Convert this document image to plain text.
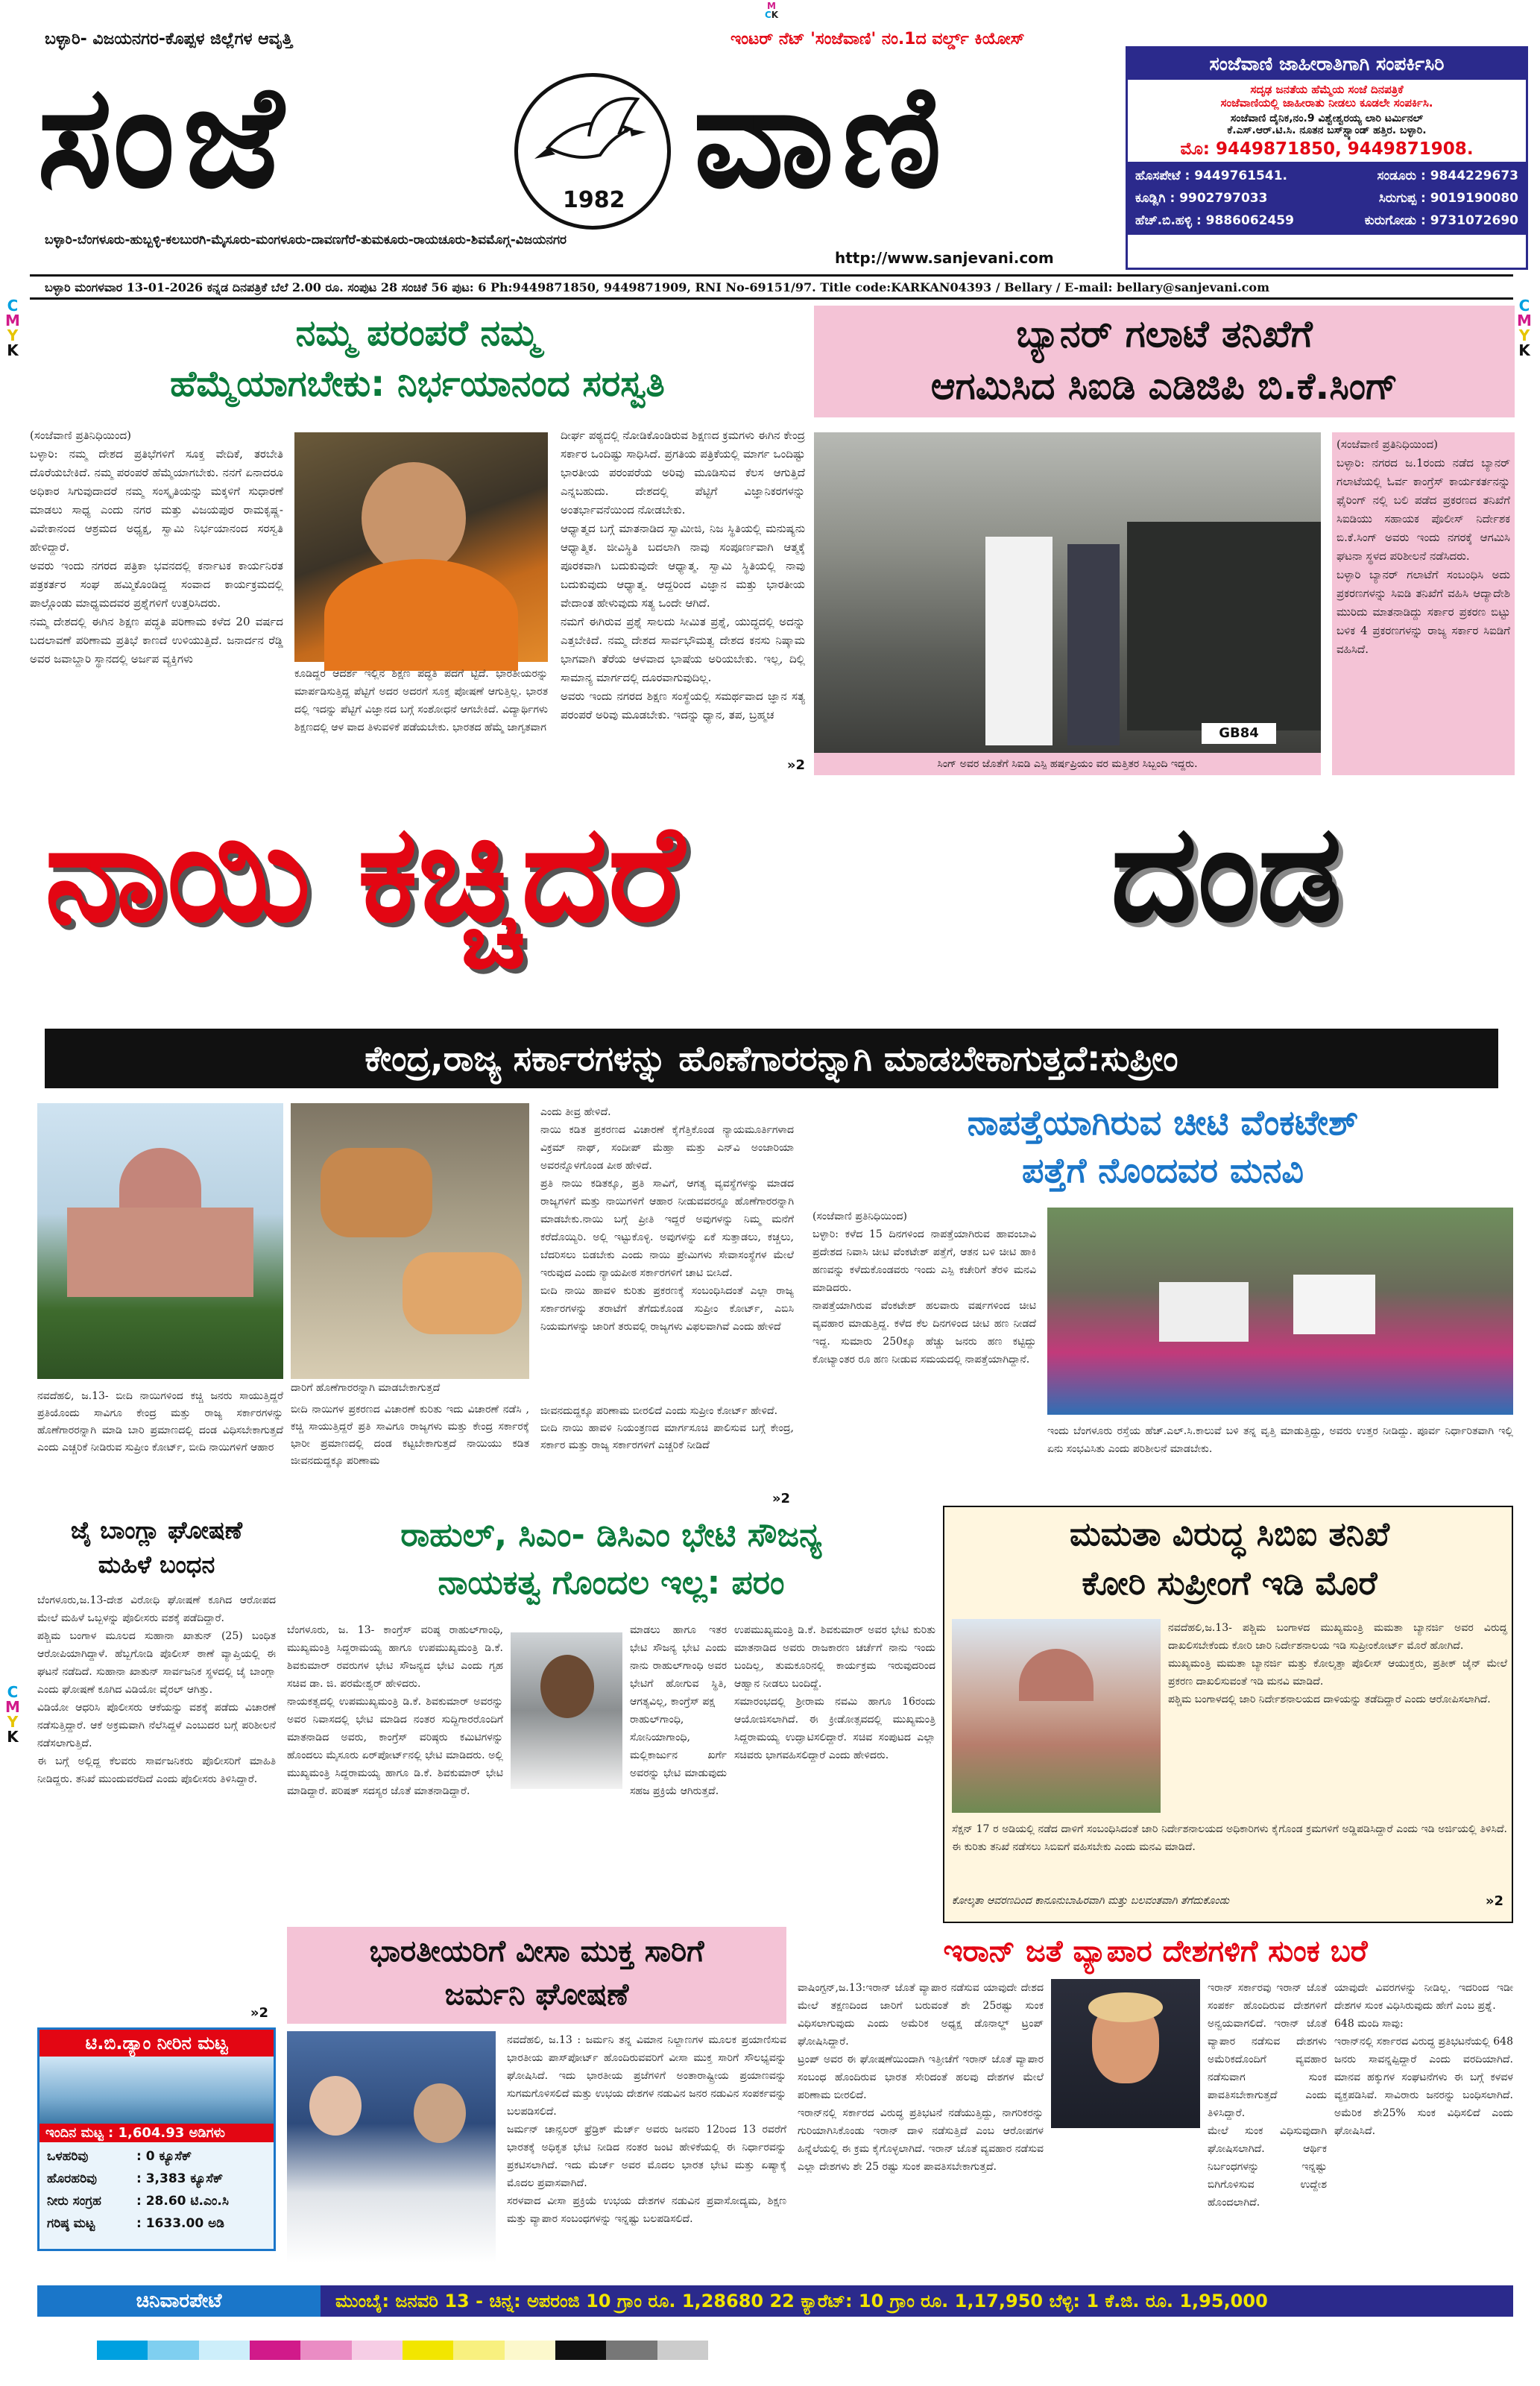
M
CK
C
M
Y
K
C
M
Y
K
C
M
Y
K
ಬಳ್ಳಾರಿ- ವಿಜಯನಗರ-ಕೊಪ್ಪಳ ಜಿಲ್ಲೆಗಳ ಆವೃತ್ತಿ	ಇಂಟರ್ ನೆಟ್ 'ಸಂಜೆವಾಣಿ' ನಂ.1ದ ವರ್ಲ್ಡ್ ಕಿಯೋಸ್
ಸಂಜೆ	1982 ವಾಣಿ
ಬಳ್ಳಾರಿ-ಬೆಂಗಳೂರು-ಹುಬ್ಬಳ್ಳಿ-ಕಲಬುರಗಿ-ಮೈಸೂರು-ಮಂಗಳೂರು-ದಾವಣಗೆರೆ-ತುಮಕೂರು-ರಾಯಚೂರು-ಶಿವಮೊಗ್ಗ-ವಿಜಯನಗರ
http://www.sanjevani.com
ಸಂಜೆವಾಣಿ ಜಾಹೀರಾತಿಗಾಗಿ ಸಂಪರ್ಕಿಸಿರಿ
ಸದೃಢ ಜನತೆಯ ಹೆಮ್ಮೆಯ ಸಂಜೆ ದಿನಪತ್ರಿಕೆ
ಸಂಜೆವಾಣಿಯಲ್ಲಿ ಜಾಹೀರಾತು ನೀಡಲು ಕೂಡಲೇ ಸಂಪರ್ಕಿಸಿ.
ಸಂಜೆವಾಣಿ ದೈನಿಕ,ನಂ.9 ವಿಶ್ವೇಶ್ವರಯ್ಯ ಲಾರಿ ಟರ್ಮಿನಲ್
ಕೆ.ಎಸ್.ಆರ್.ಟಿ.ಸಿ. ನೂತನ ಬಸ್‌ಸ್ಟ್ಯಾಂಡ್ ಹತ್ತಿರ. ಬಳ್ಳಾರಿ.
ಮೊ: 9449871850, 9449871908.
ಹೊಸಪೇಟೆ : 9449761541.	ಸಂಡೂರು : 9844229673
ಕೂಡ್ಲಿಗಿ : 9902797033	ಸಿರುಗುಪ್ಪ : 9019190080
ಹೆಚ್.ಬಿ.ಹಳ್ಳಿ : 9886062459	ಕುರುಗೋಡು : 9731072690
ಬಳ್ಳಾರಿ ಮಂಗಳವಾರ 13-01-2026 ಕನ್ನಡ ದಿನಪತ್ರಿಕೆ ಬೆಲೆ 2.00 ರೂ. ಸಂಪುಟ 28 ಸಂಚಿಕೆ 56 ಪುಟ: 6 Ph:9449871850, 9449871909, RNI No-69151/97. Title code:KARKAN04393 / Bellary / E-mail: bellary@sanjevani.com
ನಮ್ಮ ಪರಂಪರೆ ನಮ್ಮ
ಹೆಮ್ಮೆಯಾಗಬೇಕು: ನಿರ್ಭಯಾನಂದ ಸರಸ್ವತಿ
(ಸಂಜೆವಾಣಿ ಪ್ರತಿನಿಧಿಯಿಂದ)
ಬಳ್ಳಾರಿ: ನಮ್ಮ ದೇಶದ ಪ್ರತಿಭೆಗಳಿಗೆ ಸೂಕ್ತ ವೇದಿಕೆ, ತರಬೇತಿ ದೊರೆಯಬೇಕಿದೆ. ನಮ್ಮ ಪರಂಪರೆ ಹೆಮ್ಮೆಯಾಗಬೇಕು. ನನಗೆ ಏನಾದರೂ ಅಧಿಕಾರ ಸಿಗುವುದಾದರೆ ನಮ್ಮ ಸಂಸ್ಕೃತಿಯನ್ನು ಮಕ್ಕಳಿಗೆ ಸುಧಾರಣೆ ಮಾಡಲು ಸಾಧ್ಯ ಎಂದು ನಗರ ಮತ್ತು ವಿಜಯಪುರ ರಾಮಕೃಷ್ಣ-ವಿವೇಕಾನಂದ ಆಶ್ರಮದ ಅಧ್ಯಕ್ಷ, ಸ್ವಾಮಿ ನಿರ್ಭಯಾನಂದ ಸರಸ್ವತಿ ಹೇಳಿದ್ದಾರೆ.
ಅವರು ಇಂದು ನಗರದ ಪತ್ರಿಕಾ ಭವನದಲ್ಲಿ ಕರ್ನಾಟಕ ಕಾರ್ಯನಿರತ ಪತ್ರಕರ್ತರ ಸಂಘ ಹಮ್ಮಿಕೊಂಡಿದ್ದ ಸಂವಾದ ಕಾರ್ಯಕ್ರಮದಲ್ಲಿ ಪಾಲ್ಗೊಂಡು ಮಾಧ್ಯಮದವರ ಪ್ರಶ್ನೆಗಳಿಗೆ ಉತ್ತರಿಸಿದರು.
ನಮ್ಮ ದೇಶದಲ್ಲಿ ಈಗಿನ ಶಿಕ್ಷಣ ಪದ್ಧತಿ ಪರಿಣಾಮ ಕಳೆದ 20 ವರ್ಷದ ಬದಲಾವಣೆ ಪರಿಣಾಮ ಪ್ರತಿಭೆ ಕಾಣದೆ ಉಳಿಯುತ್ತಿದೆ. ಜನಾರ್ದನ ರೆಡ್ಡಿ ಅವರ ಜವಾಬ್ದಾರಿ ಸ್ಥಾನದಲ್ಲಿ ಅರ್ಜಪ ವ್ಯಕ್ತಿಗಳು
ಕೂಡಿದ್ದರ ಆದರ್ಶ ಇಲ್ಲಿನ ಶಿಕ್ಷಣ ಪದ್ಧತಿ ಪದಗೆ ಟ್ಟಿದೆ. ಭಾರತೀಯರನ್ನು ಮಾರ್ಪಡಿಸುತ್ತಿದ್ದ ಪೆಟ್ಟಿಗೆ ಅದರ ಅದರಗೆ ಸೂಕ್ತ ಪೋಷಣೆ ಆಗುತ್ತಿಲ್ಲ. ಭಾರತ ದಲ್ಲಿ ಇದನ್ನು ಪೆಟ್ಟಿಗೆ ವಿಜ್ಞಾನದ ಬಗ್ಗೆ ಸಂಶೋಧನೆ ಆಗಬೇಕಿದೆ. ವಿದ್ಯಾರ್ಥಿಗಳು ಶಿಕ್ಷಣದಲ್ಲಿ ಆಳ ವಾದ ತಿಳುವಳಿಕೆ ಪಡೆಯಬೇಕು. ಭಾರತದ ಹೆಮ್ಮೆ ಜಾಗೃತವಾಗ
ದೀರ್ಘ ಪಠ್ಯದಲ್ಲಿ ನೋಡಿಕೊಂಡಿರುವ ಶಿಕ್ಷಣದ ಕ್ರಮಗಳು ಈಗಿನ ಕೇಂದ್ರ ಸರ್ಕಾರ ಒಂದಿಷ್ಟು ಸಾಧಿಸಿದೆ. ಪ್ರಗತಿಯ ಪತ್ರಿಕೆಯಲ್ಲಿ ಮಾರ್ಗ ಒಂದಿಷ್ಟು ಭಾರತೀಯ ಪರಂಪರೆಯ ಅರಿವು ಮೂಡಿಸುವ ಕೆಲಸ ಆಗುತ್ತಿದೆ ಎನ್ನಬಹುದು. ದೇಶದಲ್ಲಿ ಪೆಟ್ಟಿಗೆ ವಿಜ್ಞಾನಿಕರಗಳನ್ನು ಅಂತರ್ಭಾವನೆಯಿಂದ ನೋಡಬೇಕು.
ಆಧ್ಯಾತ್ಮದ ಬಗ್ಗೆ ಮಾತನಾಡಿದ ಸ್ವಾಮೀಜಿ, ನಿಜ ಸ್ಥಿತಿಯಲ್ಲಿ ಮನುಷ್ಯನು ಆಧ್ಯಾತ್ಮಿಕ. ಜೀವಿಸ್ಥಿತಿ ಬದಲಾಗಿ ನಾವು ಸಂಪೂರ್ಣವಾಗಿ ಆತ್ಮಕ್ಕೆ ಪೂರಕವಾಗಿ ಬದುಕುವುದೇ ಆಧ್ಯಾತ್ಮ. ಸ್ವಾಮಿ ಸ್ಥಿತಿಯಲ್ಲಿ ನಾವು ಬದುಕುವುದು ಆಧ್ಯಾತ್ಮ. ಆದ್ದರಿಂದ ವಿಜ್ಞಾನ ಮತ್ತು ಭಾರತೀಯ ವೇದಾಂತ ಹೇಳುವುದು ಸತ್ಯ ಒಂದೇ ಆಗಿದೆ.
ನಮಗೆ ಈಗಿರುವ ಪ್ರಶ್ನೆ ಸಾಲದು ಸೀಮಿತ ಪ್ರಶ್ನೆ, ಯುದ್ಧದಲ್ಲಿ ಅದನ್ನು ಎತ್ತಬೇಕಿದೆ. ನಮ್ಮ ದೇಶದ ಸಾರ್ವಭೌಮತ್ವ ದೇಶದ ಕನಸು ನಿಷ್ಕಾಮ ಭಾಗವಾಗಿ ತೆರೆಯ ಆಳವಾದ ಭಾಷೆಯ ಅರಿಯಬೇಕು. ಇಲ್ಲ, ದಿಲ್ಲಿ ಸಾಮಾನ್ಯ ಮಾರ್ಗದಲ್ಲಿ ದೂರವಾಗುವುದಿಲ್ಲ.
ಅವರು ಇಂದು ನಗರದ ಶಿಕ್ಷಣ ಸಂಸ್ಥೆಯಲ್ಲಿ ಸಮರ್ಥವಾದ ಜ್ಞಾನ ಸತ್ಯ ಪರಂಪರೆ ಅರಿವು ಮೂಡಬೇಕು. ಇದನ್ನು ಧ್ಯಾನ, ತಪ, ಬ್ರಹ್ಮಚ
»2
ಬ್ಯಾನರ್ ಗಲಾಟೆ ತನಿಖೆಗೆ
ಆಗಮಿಸಿದ ಸಿಐಡಿ ಎಡಿಜಿಪಿ ಬಿ.ಕೆ.ಸಿಂಗ್
GB84
ಸಿಂಗ್ ಅವರ ಜೊತೆಗೆ ಸಿಐಡಿ ಎಸ್ಪಿ ಹರ್ಷಪ್ರಿಯಂ ವರ ಮತ್ತಿತರ ಸಿಬ್ಬಂದಿ ಇದ್ದರು.
(ಸಂಜೆವಾಣಿ ಪ್ರತಿನಿಧಿಯಿಂದ)
ಬಳ್ಳಾರಿ: ನಗರದ ಜ.1ರಂದು ನಡೆದ ಬ್ಯಾನರ್ ಗಲಾಟೆಯಲ್ಲಿ ಓರ್ವ ಕಾಂಗ್ರೆಸ್ ಕಾರ್ಯಕರ್ತನನ್ನು ಫೈರಿಂಗ್ ನಲ್ಲಿ ಬಲಿ ಪಡೆದ ಪ್ರಕರಣದ ತನಿಖೆಗೆ ಸಿಐಡಿಯು ಸಹಾಯಕ ಪೊಲೀಸ್ ನಿರ್ದೇಶಕ ಬಿ.ಕೆ.ಸಿಂಗ್ ಅವರು ಇಂದು ನಗರಕ್ಕೆ ಆಗಮಿಸಿ ಘಟನಾ ಸ್ಥಳದ ಪರಿಶೀಲನೆ ನಡೆಸಿದರು.
ಬಳ್ಳಾರಿ ಬ್ಯಾನರ್ ಗಲಾಟೆಗೆ ಸಂಬಂಧಿಸಿ ಅದು ಪ್ರಕರಣಗಳನ್ನು ಸಿಐಡಿ ತನಿಖೆಗೆ ವಹಿಸಿ ಆದ್ಯಾದೇಶಿ ಮುರಿದು ಮಾತನಾಡಿದ್ದು ಸರ್ಕಾರ ಪ್ರಕರಣ ಬಿಟ್ಟು ಬಳಿಕ 4 ಪ್ರಕರಣಗಳನ್ನು ರಾಜ್ಯ ಸರ್ಕಾರ ಸಿಐಡಿಗೆ ವಹಿಸಿದೆ.
ನಾಯಿ ಕಚ್ಚಿದರೆ	ದಂಡ
ಕೇಂದ್ರ,ರಾಜ್ಯ ಸರ್ಕಾರಗಳನ್ನು ಹೊಣೆಗಾರರನ್ನಾಗಿ ಮಾಡಬೇಕಾಗುತ್ತದೆ:ಸುಪ್ರೀಂ
ದಾರಿಗೆ ಹೊಣೆಗಾರರನ್ನಾಗಿ ಮಾಡಬೇಕಾಗುತ್ತದೆ
ನವದೆಹಲಿ, ಜ.13- ಬೀದಿ ನಾಯಿಗಳಿಂದ ಕಚ್ಚಿ ಜನರು ಸಾಯುತ್ತಿದ್ದರೆ ಪ್ರತಿಯೊಂದು ಸಾವಿಗೂ ಕೇಂದ್ರ ಮತ್ತು ರಾಜ್ಯ ಸರ್ಕಾರಗಳನ್ನು ಹೊಣೆಗಾರರನ್ನಾಗಿ ಮಾಡಿ ಬಾರಿ ಪ್ರಮಾಣದಲ್ಲಿ ದಂಡ ವಿಧಿಸಬೇಕಾಗುತ್ತದೆ ಎಂದು ಎಚ್ಚರಿಕೆ ನೀಡಿರುವ ಸುಪ್ರೀಂ ಕೋರ್ಟ್, ಬೀದಿ ನಾಯಿಗಳಿಗೆ ಆಹಾರ
ಬೀದಿ ನಾಯಿಗಳ ಪ್ರಕರಣದ ವಿಚಾರಣೆ ಕುರಿತು ಇದು ವಿಚಾರಣೆ ನಡೆಸಿ , ಕಚ್ಚಿ ಸಾಯುತ್ತಿದ್ದರೆ ಪ್ರತಿ ಸಾವಿಗೂ ರಾಜ್ಯಗಳು ಮತ್ತು ಕೇಂದ್ರ ಸರ್ಕಾರಕ್ಕೆ ಭಾರೀ ಪ್ರಮಾಣದಲ್ಲಿ ದಂಡ ಕಟ್ಟಬೇಕಾಗುತ್ತದೆ ನಾಯಿಯು ಕಡಿತ ಜೀವನದುದ್ದಕ್ಕೂ ಪರಿಣಾಮ
ಎಂದು ತೀವ್ರ ಹೇಳಿದೆ.
ನಾಯಿ ಕಡಿತ ಪ್ರಕರಣದ ವಿಚಾರಣೆ ಕೈಗೆತ್ತಿಕೊಂಡ ನ್ಯಾಯಮೂರ್ತಿಗಳಾದ ವಿಕ್ರಮ್ ನಾಥ್, ಸಂದೀಪ್ ಮೆಹ್ತಾ ಮತ್ತು ಎನ್‌ವಿ ಅಂಜಾರಿಯಾ ಅವರನ್ನೊಳಗೊಂಡ ಪೀಠ ಹೇಳಿದೆ.
ಪ್ರತಿ ನಾಯಿ ಕಡಿತಕ್ಕೂ, ಪ್ರತಿ ಸಾವಿಗೆ, ಆಗತ್ಯ ವ್ಯವಸ್ಥೆಗಳನ್ನು ಮಾಡದ ರಾಜ್ಯಗಳಿಗೆ ಮತ್ತು ನಾಯಿಗಳಿಗೆ ಆಹಾರ ನೀಡುವವರನ್ನೂ ಹೊಣೆಗಾರರನ್ನಾಗಿ ಮಾಡಬೇಕು.ನಾಯಿ ಬಗ್ಗೆ ಪ್ರೀತಿ ಇದ್ದರೆ ಅವುಗಳನ್ನು ನಿಮ್ಮ ಮನೆಗೆ ಕರೆದೊಯ್ಯಿರಿ. ಅಲ್ಲಿ ಇಟ್ಟುಕೊಳ್ಳಿ. ಅವುಗಳನ್ನು ಏಕೆ ಸುತ್ತಾಡಲು, ಕಚ್ಚಲು, ಬೆದರಿಸಲು ಬಿಡಬೇಕು ಎಂದು ನಾಯಿ ಪ್ರೇಮಿಗಳು ಸೇವಾಸಂಸ್ಥೆಗಳ ಮೇಲೆ ಇರುವುದ ಎಂದು ನ್ಯಾಯಪೀಠ ಸರ್ಕಾರಗಳಿಗೆ ಚಾಟಿ ಬೀಸಿದೆ.
ಬೀದಿ ನಾಯಿ ಹಾವಳಿ ಕುರಿತು ಪ್ರಕರಣಕ್ಕೆ ಸಂಬಂಧಿಸಿದಂತೆ ಎಲ್ಲಾ ರಾಜ್ಯ ಸರ್ಕಾರಗಳನ್ನು ತರಾಟೆಗೆ ತೆಗೆದುಕೊಂಡ ಸುಪ್ರೀಂ ಕೋರ್ಟ್, ಎಬಿಸಿ ನಿಯಮಗಳನ್ನು ಜಾರಿಗೆ ತರುವಲ್ಲಿ ರಾಜ್ಯಗಳು ವಿಫಲವಾಗಿವೆ ಎಂದು ಹೇಳಿದೆ
ಜೀವನದುದ್ದಕ್ಕೂ ಪರಿಣಾಮ ಬೀರಲಿದೆ ಎಂದು ಸುಪ್ರೀಂ ಕೋರ್ಟ್ ಹೇಳಿದೆ.
ಬೀದಿ ನಾಯಿ ಹಾವಳಿ ನಿಯಂತ್ರಣದ ಮಾರ್ಗಸೂಚಿ ಪಾಲಿಸುವ ಬಗ್ಗೆ ಕೇಂದ್ರ, ಸರ್ಕಾರ ಮತ್ತು ರಾಜ್ಯ ಸರ್ಕಾರಗಳಿಗೆ ಎಚ್ಚರಿಕೆ ನೀಡಿದೆ
»2
ನಾಪತ್ತೆಯಾಗಿರುವ ಚೀಟಿ ವೆಂಕಟೇಶ್
ಪತ್ತೆಗೆ ನೊಂದವರ ಮನವಿ
(ಸಂಜೆವಾಣಿ ಪ್ರತಿನಿಧಿಯಿಂದ)
ಬಳ್ಳಾರಿ: ಕಳೆದ 15 ದಿನಗಳಿಂದ ನಾಪತ್ತೆಯಾಗಿರುವ ಹಾವಂಬಾವಿ ಪ್ರದೇಶದ ನಿವಾಸಿ ಚೀಟಿ ವೆಂಕಟೇಶ್ ಪತ್ತೆಗೆ, ಆತನ ಬಳಿ ಚೀಟಿ ಹಾಕಿ ಹಣವನ್ನು ಕಳೆದುಕೊಂಡವರು ಇಂದು ಎಸ್ಪಿ ಕಚೇರಿಗೆ ತೆರಳಿ ಮನವಿ ಮಾಡಿದರು.
ನಾಪತ್ತೆಯಾಗಿರುವ ವೆಂಕಟೇಶ್ ಹಲವಾರು ವರ್ಷಗಳಿಂದ ಚೀಟಿ ವ್ಯವಹಾರ ಮಾಡುತ್ತಿದ್ದ. ಕಳೆದ ಕೆಲ ದಿನಗಳಿಂದ ಚೀಟಿ ಹಣ ನೀಡದೆ ಇದ್ದ. ಸುಮಾರು 250ಕ್ಕೂ ಹೆಚ್ಚು ಜನರು ಹಣ ಕಟ್ಟಿದ್ದು ಕೋಟ್ಯಾಂತರ ರೂ ಹಣ ನೀಡುವ ಸಮಯದಲ್ಲಿ ನಾಪತ್ತೆಯಾಗಿದ್ದಾನೆ.
ಇಂದು ಬೆಂಗಳೂರು ರಸ್ತೆಯ ಹೆಚ್.ಎಲ್.ಸಿ.ಕಾಲುವೆ ಬಳಿ ತನ್ನ ವೃತ್ತಿ ಮಾಡುತ್ತಿದ್ದು, ಅವರು ಉತ್ತರ ನೀಡಿದ್ದು. ಪೂರ್ವ ನಿರ್ಧಾರಿತವಾಗಿ ಇಲ್ಲಿ ಏನು ಸಂಭವಿಸಿತು ಎಂದು ಪರಿಶೀಲನೆ ಮಾಡಬೇಕು.
ಜೈ ಬಾಂಗ್ಲಾ ಘೋಷಣೆ
ಮಹಿಳೆ ಬಂಧನ
ಬೆಂಗಳೂರು,ಜ.13-ದೇಶ ವಿರೋಧಿ ಘೋಷಣೆ ಕೂಗಿದ ಆರೋಪದ ಮೇಲೆ ಮಹಿಳೆ ಒಬ್ಬಳನ್ನು ಪೊಲೀಸರು ವಶಕ್ಕೆ ಪಡೆದಿದ್ದಾರೆ.
ಪಶ್ಚಿಮ ಬಂಗಾಳ ಮೂಲದ ಸುಹಾನಾ ಖಾತುನ್ (25) ಬಂಧಿತ ಆರೋಪಿಯಾಗಿದ್ದಾಳೆ. ಹೆಬ್ಬಗೋಡಿ ಪೊಲೀಸ್ ಠಾಣೆ ವ್ಯಾಪ್ತಿಯಲ್ಲಿ ಈ ಘಟನೆ ನಡೆದಿದೆ. ಸುಹಾನಾ ಖಾತುನ್ ಸಾರ್ವಜನಿಕ ಸ್ಥಳದಲ್ಲಿ ಜೈ ಬಾಂಗ್ಲಾ ಎಂದು ಘೋಷಣೆ ಕೂಗಿದ ವಿಡಿಯೋ ವೈರಲ್ ಆಗಿತ್ತು.
ವಿಡಿಯೋ ಆಧರಿಸಿ ಪೊಲೀಸರು ಆಕೆಯನ್ನು ವಶಕ್ಕೆ ಪಡೆದು ವಿಚಾರಣೆ ನಡೆಸುತ್ತಿದ್ದಾರೆ. ಆಕೆ ಅಕ್ರಮವಾಗಿ ನೆಲೆಸಿದ್ದಳೆ ಎಂಬುದರ ಬಗ್ಗೆ ಪರಿಶೀಲನೆ ನಡೆಸಲಾಗುತ್ತಿದೆ.
ಈ ಬಗ್ಗೆ ಅಲ್ಲಿದ್ದ ಕೆಲವರು ಸಾರ್ವಜನಿಕರು ಪೊಲೀಸರಿಗೆ ಮಾಹಿತಿ ನೀಡಿದ್ದರು. ತನಿಖೆ ಮುಂದುವರೆದಿದೆ ಎಂದು ಪೊಲೀಸರು ತಿಳಿಸಿದ್ದಾರೆ.
»2
ಟಿ.ಬಿ.ಡ್ಯಾಂ ನೀರಿನ ಮಟ್ಟ
ಇಂದಿನ ಮಟ್ಟ : 1,604.93 ಅಡಿಗಳು
ಒಳಹರಿವು	: 0 ಕ್ಯೂಸೆಕ್
ಹೊರಹರಿವು	: 3,383 ಕ್ಯೂಸೆಕ್
ನೀರು ಸಂಗ್ರಹ	: 28.60 ಟಿ.ಎಂ.ಸಿ
ಗರಿಷ್ಠ ಮಟ್ಟ	: 1633.00 ಅಡಿ
ರಾಹುಲ್, ಸಿಎಂ- ಡಿಸಿಎಂ ಭೇಟಿ ಸೌಜನ್ಯ
ನಾಯಕತ್ವ ಗೊಂದಲ ಇಲ್ಲ: ಪರಂ
ಬೆಂಗಳೂರು, ಜ. 13- ಕಾಂಗ್ರೆಸ್ ವರಿಷ್ಠ ರಾಹುಲ್‌ಗಾಂಧಿ, ಮುಖ್ಯಮಂತ್ರಿ ಸಿದ್ದರಾಮಯ್ಯ ಹಾಗೂ ಉಪಮುಖ್ಯಮಂತ್ರಿ ಡಿ.ಕೆ. ಶಿವಕುಮಾರ್ ರವರುಗಳ ಭೇಟಿ ಸೌಜನ್ಯದ ಭೇಟಿ ಎಂದು ಗೃಹ ಸಚಿವ ಡಾ. ಜಿ. ಪರಮೇಶ್ವರ್ ಹೇಳಿದರು.
ನಾಯಕತ್ವದಲ್ಲಿ ಉಪಮುಖ್ಯಮಂತ್ರಿ ಡಿ.ಕೆ. ಶಿವಕುಮಾರ್ ಅವರನ್ನು ಅವರ ನಿವಾಸದಲ್ಲಿ ಭೇಟಿ ಮಾಡಿದ ನಂತರ ಸುದ್ದಿಗಾರರೊಂದಿಗೆ ಮಾತನಾಡಿದ ಅವರು, ಕಾಂಗ್ರೆಸ್ ವರಿಷ್ಠರು ಕಮಿಟಿಗಳನ್ನು ಹೊಂದಲು ಮೈಸೂರು ಏರ್‌ಪೋರ್ಟ್‌ನಲ್ಲಿ ಭೇಟಿ ಮಾಡಿದರು. ಅಲ್ಲಿ ಮುಖ್ಯಮಂತ್ರಿ ಸಿದ್ದರಾಮಯ್ಯ ಹಾಗೂ ಡಿ.ಕೆ. ಶಿವಕುಮಾರ್ ಭೇಟಿ ಮಾಡಿದ್ದಾರೆ. ಪರಿಷತ್ ಸದಸ್ಯರ ಜೊತೆ ಮಾತನಾಡಿದ್ದಾರೆ.
ಮಾಡಲು ಹಾಗೂ ಇತರ ಭೇಟಿ ಸೌಜನ್ಯ ಭೇಟಿ ಎಂದು ನಾನು ರಾಹುಲ್‌ಗಾಂಧಿ ಅವರ ಭೇಟಿಗೆ ಹೋಗುವ ಸ್ಥಿತಿ, ಆಗತ್ಯವಿಲ್ಲ, ಕಾಂಗ್ರೆಸ್ ಪಕ್ಷ
ರಾಹುಲ್‌ಗಾಂಧಿ, ಸೋನಿಯಾಗಾಂಧಿ, ಮಲ್ಲಿಕಾರ್ಜುನ ಖರ್ಗೆ ಅವರನ್ನು ಭೇಟಿ ಮಾಡುವುದು ಸಹಜ ಪ್ರಕ್ರಿಯೆ ಆಗಿರುತ್ತದೆ.
ಉಪಮುಖ್ಯಮಂತ್ರಿ ಡಿ.ಕೆ. ಶಿವಕುಮಾರ್ ಅವರ ಭೇಟಿ ಕುರಿತು ಮಾತನಾಡಿದ ಅವರು ರಾಜಕಾರಣ ಚರ್ಚೆಗೆ ನಾನು ಇಂದು ಬಂದಿಲ್ಲ, ತುಮಕೂರಿನಲ್ಲಿ ಕಾರ್ಯಕ್ರಮ ಇರುವುದರಿಂದ ಆಹ್ವಾನ ನೀಡಲು ಬಂದಿದ್ದೆ.
ಸಮಾರಂಭದಲ್ಲಿ ಶ್ರೀರಾಮ ನವಮಿ ಹಾಗೂ 16ರಂದು ಆಯೋಜಿಸಲಾಗಿದೆ. ಈ ಕ್ರೀಡೋತ್ಸವದಲ್ಲಿ ಮುಖ್ಯಮಂತ್ರಿ ಸಿದ್ದರಾಮಯ್ಯ ಉದ್ಘಾಟಿಸಲಿದ್ದಾರೆ. ಸಚಿವ ಸಂಪುಟದ ಎಲ್ಲಾ ಸಚಿವರು ಭಾಗವಹಿಸಲಿದ್ದಾರೆ ಎಂದು ಹೇಳಿದರು.
ಮಮತಾ ವಿರುದ್ಧ ಸಿಬಿಐ ತನಿಖೆ
ಕೋರಿ ಸುಪ್ರೀಂಗೆ ಇಡಿ ಮೊರೆ
ನವದೆಹಲಿ,ಜ.13- ಪಶ್ಚಿಮ ಬಂಗಾಳದ ಮುಖ್ಯಮಂತ್ರಿ ಮಮತಾ ಬ್ಯಾನರ್ಜಿ ಅವರ ವಿರುದ್ಧ ದಾಖಲಿಸಬೇಕೆಂದು ಕೋರಿ ಜಾರಿ ನಿರ್ದೇಶನಾಲಯ ಇಡಿ ಸುಪ್ರೀಂಕೋರ್ಟ್ ಮೊರೆ ಹೋಗಿದೆ.
ಮುಖ್ಯಮಂತ್ರಿ ಮಮತಾ ಬ್ಯಾನರ್ಜಿ ಮತ್ತು ಕೋಲ್ಕತ್ತಾ ಪೊಲೀಸ್ ಆಯುಕ್ತರು, ಪ್ರತೀಕ್ ಜೈನ್ ಮೇಲೆ ಪ್ರಕರಣ ದಾಖಲಿಸುವಂತೆ ಇಡಿ ಮನವಿ ಮಾಡಿದೆ.
ಪಶ್ಚಿಮ ಬಂಗಾಳದಲ್ಲಿ ಜಾರಿ ನಿರ್ದೇಶನಾಲಯದ ದಾಳಿಯನ್ನು ತಡೆದಿದ್ದಾರೆ ಎಂದು ಆರೋಪಿಸಲಾಗಿದೆ.
ಸೆಕ್ಷನ್ 17 ರ ಅಡಿಯಲ್ಲಿ ನಡೆದ ದಾಳಿಗೆ ಸಂಬಂಧಿಸಿದಂತೆ ಜಾರಿ ನಿರ್ದೇಶನಾಲಯದ ಅಧಿಕಾರಿಗಳು ಕೈಗೊಂಡ ಕ್ರಮಗಳಿಗೆ ಅಡ್ಡಿಪಡಿಸಿದ್ದಾರೆ ಎಂದು ಇಡಿ ಅರ್ಜಿಯಲ್ಲಿ ತಿಳಿಸಿದೆ. ಈ ಕುರಿತು ತನಿಖೆ ನಡೆಸಲು ಸಿಬಿಐಗೆ ವಹಿಸಬೇಕು ಎಂದು ಮನವಿ ಮಾಡಿದೆ.
ಕೋಲ್ಕತಾ ಆವರಣದಿಂದ ಕಾನೂನುಬಾಹಿರವಾಗಿ ಮತ್ತು ಬಲವಂತವಾಗಿ ತೆಗೆದುಕೊಂಡು	»2
ಭಾರತೀಯರಿಗೆ ವೀಸಾ ಮುಕ್ತ ಸಾರಿಗೆ
ಜರ್ಮನಿ ಘೋಷಣೆ
ನವದೆಹಲಿ, ಜ.13 : ಜರ್ಮನಿ ತನ್ನ ವಿಮಾನ ನಿಲ್ದಾಣಗಳ ಮೂಲಕ ಪ್ರಯಾಣಿಸುವ ಭಾರತೀಯ ಪಾಸ್‌ಪೋರ್ಟ್ ಹೊಂದಿರುವವರಿಗೆ ವೀಸಾ ಮುಕ್ತ ಸಾರಿಗೆ ಸೌಲಭ್ಯವನ್ನು ಘೋಷಿಸಿದೆ. ಇದು ಭಾರತೀಯ ಪ್ರಜೆಗಳಿಗೆ ಅಂತಾರಾಷ್ಟ್ರೀಯ ಪ್ರಯಾಣವನ್ನು ಸುಗಮಗೊಳಿಸಲಿದೆ ಮತ್ತು ಉಭಯ ದೇಶಗಳ ನಡುವಿನ ಜನರ ನಡುವಿನ ಸಂಪರ್ಕವನ್ನು ಬಲಪಡಿಸಲಿದೆ.
ಜರ್ಮನ್ ಚಾನ್ಸಲರ್ ಫ್ರೆಡ್ರಿಕ್ ಮೆರ್ಜ್ ಅವರು ಜನವರಿ 12ರಿಂದ 13 ರವರೆಗೆ ಭಾರತಕ್ಕೆ ಅಧಿಕೃತ ಭೇಟಿ ನೀಡಿದ ನಂತರ ಜಂಟಿ ಹೇಳಿಕೆಯಲ್ಲಿ ಈ ನಿರ್ಧಾರವನ್ನು ಪ್ರಕಟಿಸಲಾಗಿದೆ. ಇದು ಮೆರ್ಜ್ ಅವರ ಮೊದಲ ಭಾರತ ಭೇಟಿ ಮತ್ತು ಏಷ್ಯಾಕ್ಕೆ ಮೊದಲ ಪ್ರವಾಸವಾಗಿದೆ.
ಸರಳವಾದ ವೀಸಾ ಪ್ರಕ್ರಿಯೆ ಉಭಯ ದೇಶಗಳ ನಡುವಿನ ಪ್ರವಾಸೋದ್ಯಮ, ಶಿಕ್ಷಣ ಮತ್ತು ವ್ಯಾಪಾರ ಸಂಬಂಧಗಳನ್ನು ಇನ್ನಷ್ಟು ಬಲಪಡಿಸಲಿದೆ.
ಇರಾನ್ ಜತೆ ವ್ಯಾಪಾರ ದೇಶಗಳಿಗೆ ಸುಂಕ ಬರೆ
ವಾಷಿಂಗ್ಟನ್,ಜ.13:ಇರಾನ್ ಜೊತೆ ವ್ಯಾಪಾರ ನಡೆಸುವ ಯಾವುದೇ ದೇಶದ ಮೇಲೆ ತಕ್ಷಣದಿಂದ ಜಾರಿಗೆ ಬರುವಂತೆ ಶೇ 25ರಷ್ಟು ಸುಂಕ ವಿಧಿಸಲಾಗುವುದು ಎಂದು ಅಮೆರಿಕ ಅಧ್ಯಕ್ಷ ಡೊನಾಲ್ಡ್ ಟ್ರಂಪ್ ಘೋಷಿಸಿದ್ದಾರೆ.
ಟ್ರಂಪ್ ಅವರ ಈ ಘೋಷಣೆಯಿಂದಾಗಿ ಇತ್ತೀಚೆಗೆ ಇರಾನ್ ಜೊತೆ ವ್ಯಾಪಾರ ಸಂಬಂಧ ಹೊಂದಿರುವ ಭಾರತ ಸೇರಿದಂತೆ ಹಲವು ದೇಶಗಳ ಮೇಲೆ ಪರಿಣಾಮ ಬೀರಲಿದೆ.
ಇರಾನ್‌ನಲ್ಲಿ ಸರ್ಕಾರದ ವಿರುದ್ಧ ಪ್ರತಿಭಟನೆ ನಡೆಯುತ್ತಿದ್ದು, ನಾಗರಿಕರನ್ನು ಗುರಿಯಾಗಿಸಿಕೊಂಡು ಇರಾನ್ ದಾಳಿ ನಡೆಸುತ್ತಿದೆ ಎಂಬ ಆರೋಪಗಳ ಹಿನ್ನೆಲೆಯಲ್ಲಿ ಈ ಕ್ರಮ ಕೈಗೊಳ್ಳಲಾಗಿದೆ. ಇರಾನ್ ಜೊತೆ ವ್ಯವಹಾರ ನಡೆಸುವ ಎಲ್ಲಾ ದೇಶಗಳು ಶೇ 25 ರಷ್ಟು ಸುಂಕ ಪಾವತಿಸಬೇಕಾಗುತ್ತದೆ.
ಇರಾನ್ ಸರ್ಕಾರವು ಇರಾನ್ ಜೊತೆ ಸಂಪರ್ಕ ಹೊಂದಿರುವ ದೇಶಗಳಿಗೆ ಅನ್ವಯವಾಗಲಿದೆ. ಇರಾನ್ ಜೊತೆ ವ್ಯಾಪಾರ ನಡೆಸುವ ದೇಶಗಳು ಅಮೆರಿಕದೊಂದಿಗೆ ವ್ಯವಹಾರ ನಡೆಸುವಾಗ ಸುಂಕ ಪಾವತಿಸಬೇಕಾಗುತ್ತದೆ ಎಂದು ತಿಳಿಸಿದ್ದಾರೆ.
ಮೇಲೆ ಸುಂಕ ವಿಧಿಸುವುದಾಗಿ ಘೋಷಿಸಲಾಗಿದೆ. ಆರ್ಥಿಕ ನಿರ್ಬಂಧಗಳನ್ನು ಇನ್ನಷ್ಟು ಬಿಗಿಗೊಳಿಸುವ ಉದ್ದೇಶ ಹೊಂದಲಾಗಿದೆ.
ಯಾವುದೇ ವಿವರಗಳನ್ನು ನೀಡಿಲ್ಲ. ಇದರಿಂದ ಇಡೀ ದೇಶಗಳ ಸುಂಕ ವಿಧಿಸಿರುವುದು ಹೇಗೆ ಎಂಬ ಪ್ರಶ್ನೆ.
648 ಮಂದಿ ಸಾವು:
ಇರಾನ್‌ನಲ್ಲಿ ಸರ್ಕಾರದ ವಿರುದ್ಧ ಪ್ರತಿಭಟನೆಯಲ್ಲಿ 648 ಜನರು ಸಾವನ್ನಪ್ಪಿದ್ದಾರೆ ಎಂದು ವರದಿಯಾಗಿದೆ. ಮಾನವ ಹಕ್ಕುಗಳ ಸಂಘಟನೆಗಳು ಈ ಬಗ್ಗೆ ಕಳವಳ ವ್ಯಕ್ತಪಡಿಸಿವೆ. ಸಾವಿರಾರು ಜನರನ್ನು ಬಂಧಿಸಲಾಗಿದೆ. ಅಮೆರಿಕ ಶೇ25% ಸುಂಕ ವಿಧಿಸಲಿದೆ ಎಂದು ಘೋಷಿಸಿದೆ.
ಚಿನಿವಾರಪೇಟೆ	ಮುಂಬೈ: ಜನವರಿ 13 - ಚಿನ್ನ: ಅಪರಂಜಿ 10 ಗ್ರಾಂ ರೂ. 1,28680 22 ಕ್ಯಾರೆಟ್: 10 ಗ್ರಾಂ ರೂ. 1,17,950 ಬೆಳ್ಳಿ: 1 ಕೆ.ಜಿ. ರೂ. 1,95,000
